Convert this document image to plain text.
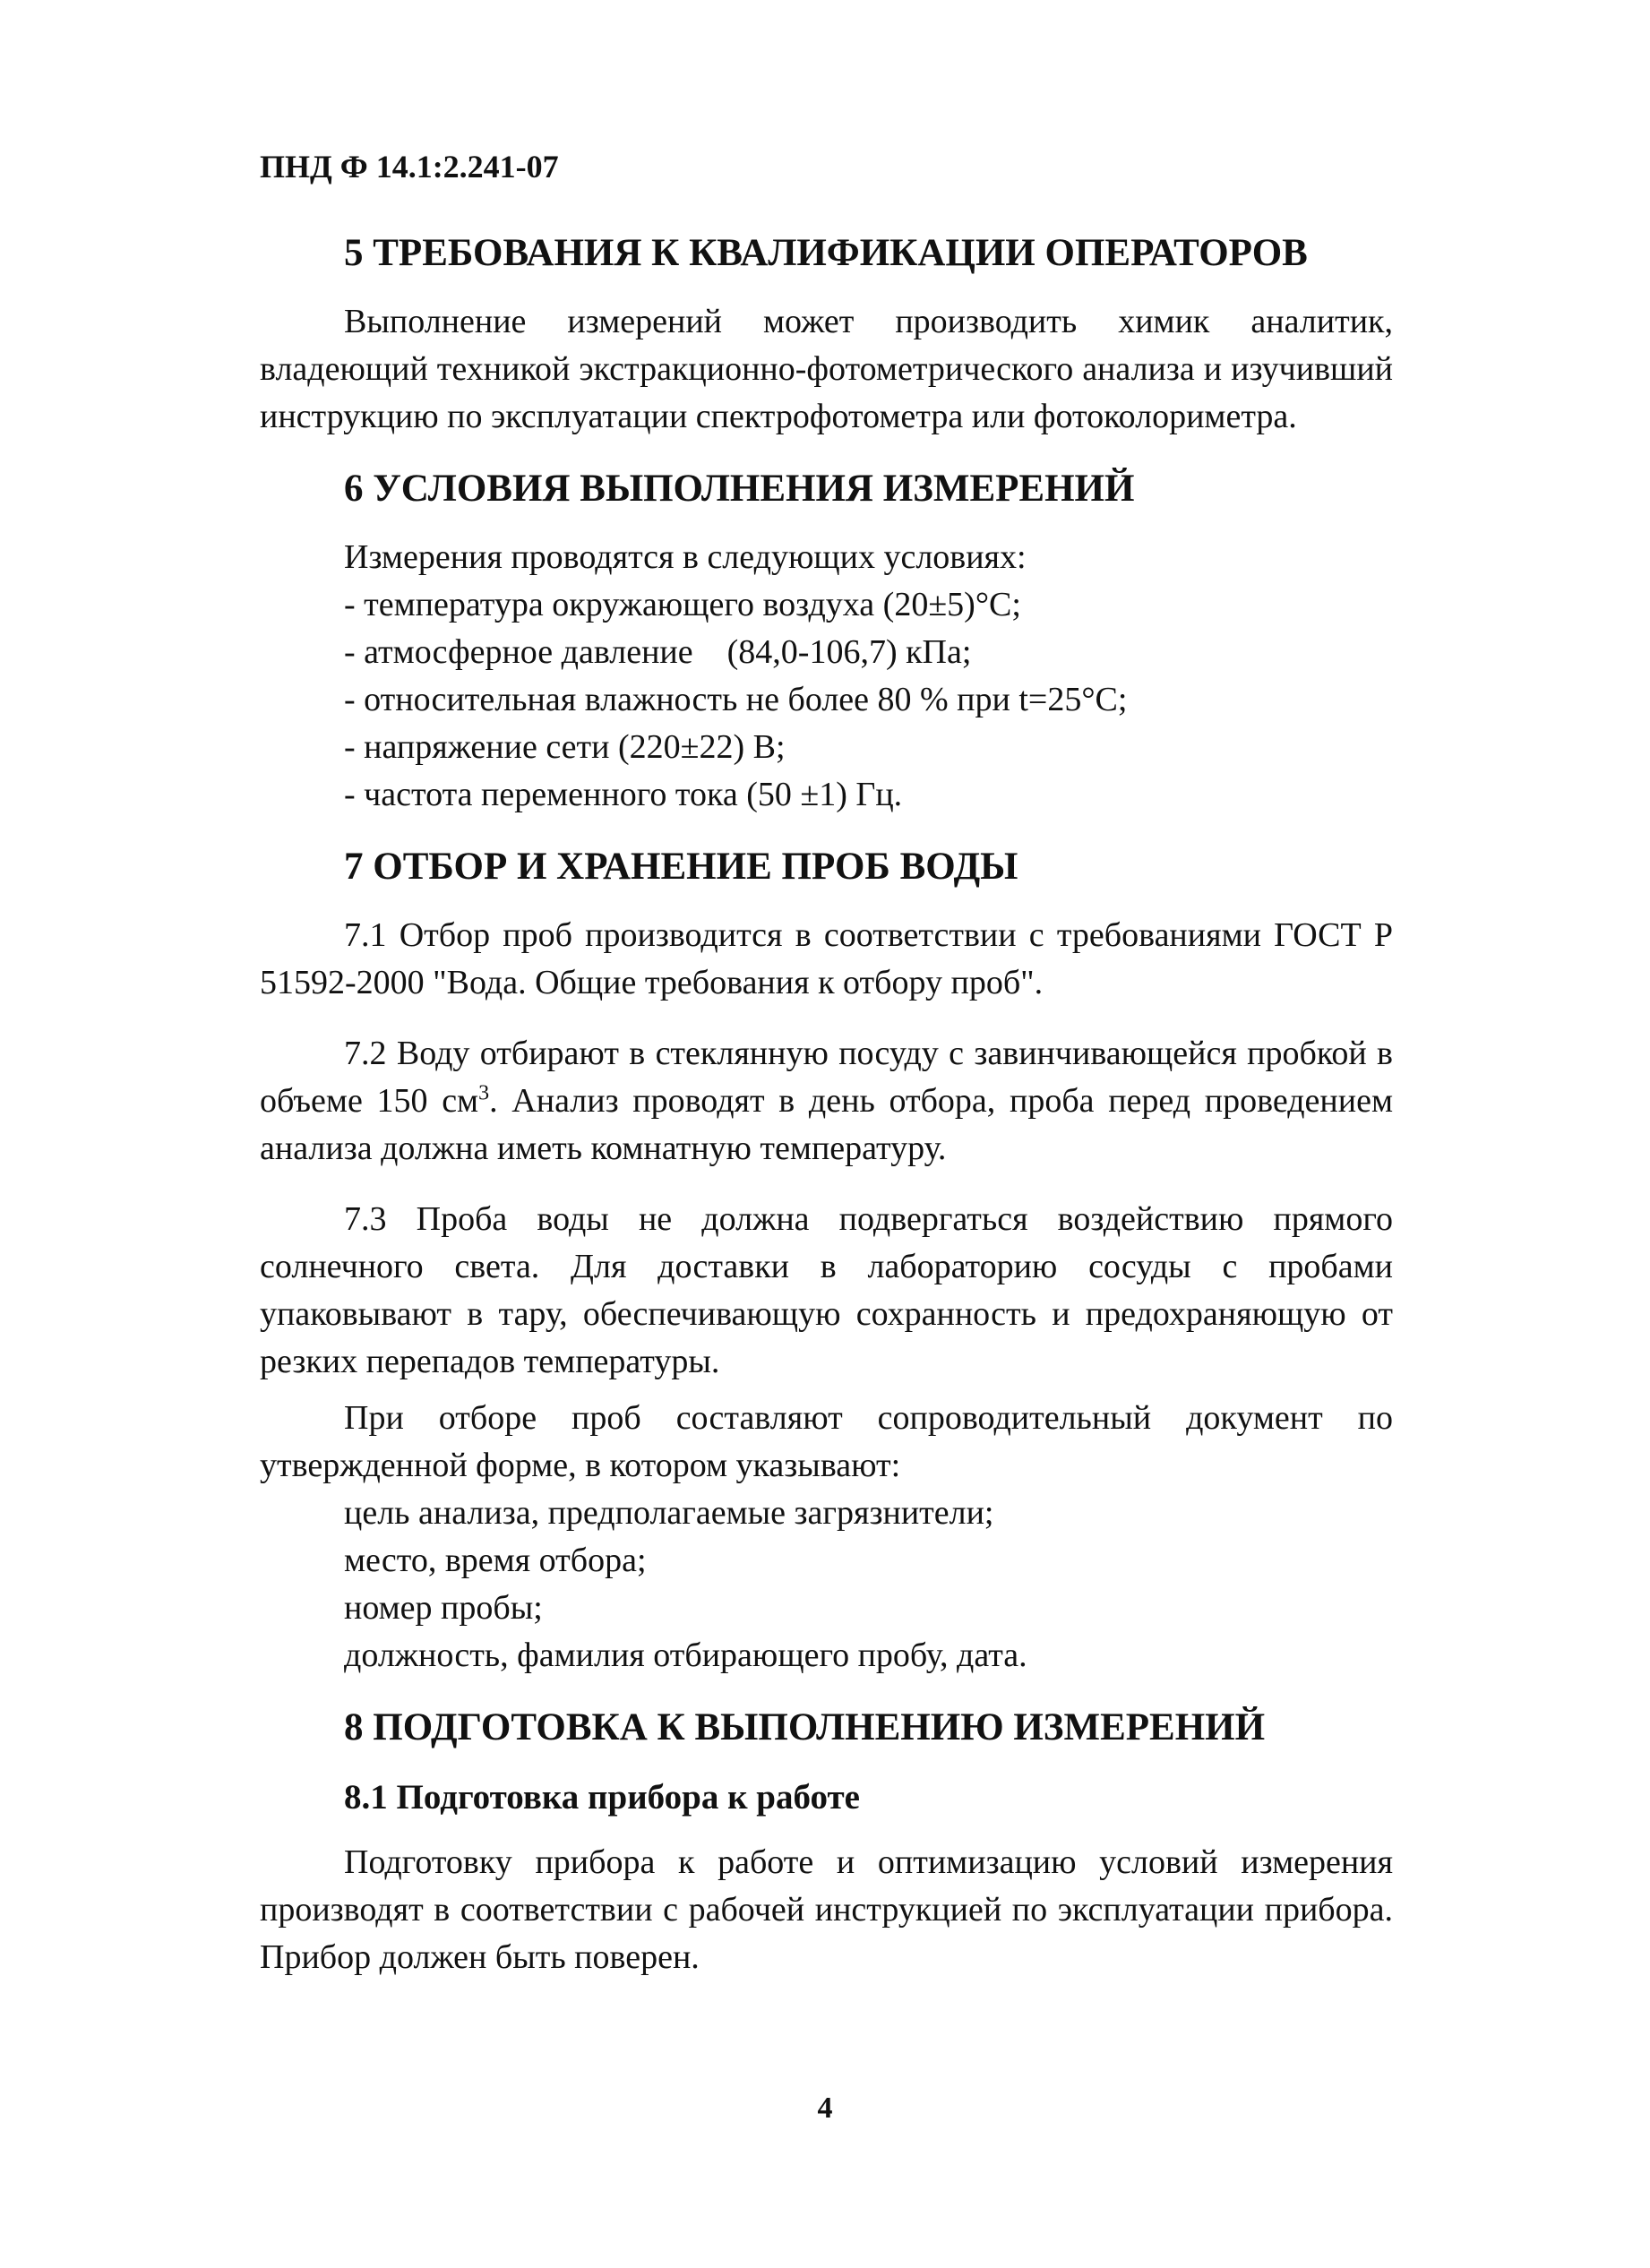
ПНД Ф 14.1:2.241-07
5 ТРЕБОВАНИЯ К КВАЛИФИКАЦИИ ОПЕРАТОРОВ

Выполнение измерений может производить химик аналитик, владеющий техникой экстракционно-фотометрического анализа и изучивший инструкцию по эксплуатации спектрофотометра или фотоколориметра.

6 УСЛОВИЯ ВЫПОЛНЕНИЯ ИЗМЕРЕНИЙ
Измерения проводятся в следующих условиях:
- температура окружающего воздуха (20±5)°С;
- атмосферное давление    (84,0-106,7) кПа;
- относительная влажность не более 80 % при t=25°С;
- напряжение сети (220±22) В;
- частота переменного тока (50 ±1) Гц.
7 ОТБОР И ХРАНЕНИЕ ПРОБ ВОДЫ

7.1 Отбор проб производится в соответствии с требованиями ГОСТ Р 51592-2000 "Вода. Общие требования к отбору проб".

7.2 Воду отбирают в стеклянную посуду с завинчивающейся пробкой в объеме 150 $см^3$. Анализ проводят в день отбора, проба перед проведением анализа должна иметь комнатную температуру.

7.3 Проба воды не должна подвергаться воздействию прямого солнечного света. Для доставки в лабораторию сосуды с пробами упаковывают в тару, обеспечивающую сохранность и предохраняющую от резких перепадов температуры.

При отборе проб составляют сопроводительный документ по утвержденной форме, в котором указывают:

цель анализа, предполагаемые загрязнители;
место, время отбора;
номер пробы;
должность, фамилия отбирающего пробу, дата.
8 ПОДГОТОВКА К ВЫПОЛНЕНИЮ ИЗМЕРЕНИЙ
8.1 Подготовка прибора к работе

Подготовку прибора к работе и оптимизацию условий измерения производят в соответствии с рабочей инструкцией по эксплуатации прибора. Прибор должен быть поверен.

4
